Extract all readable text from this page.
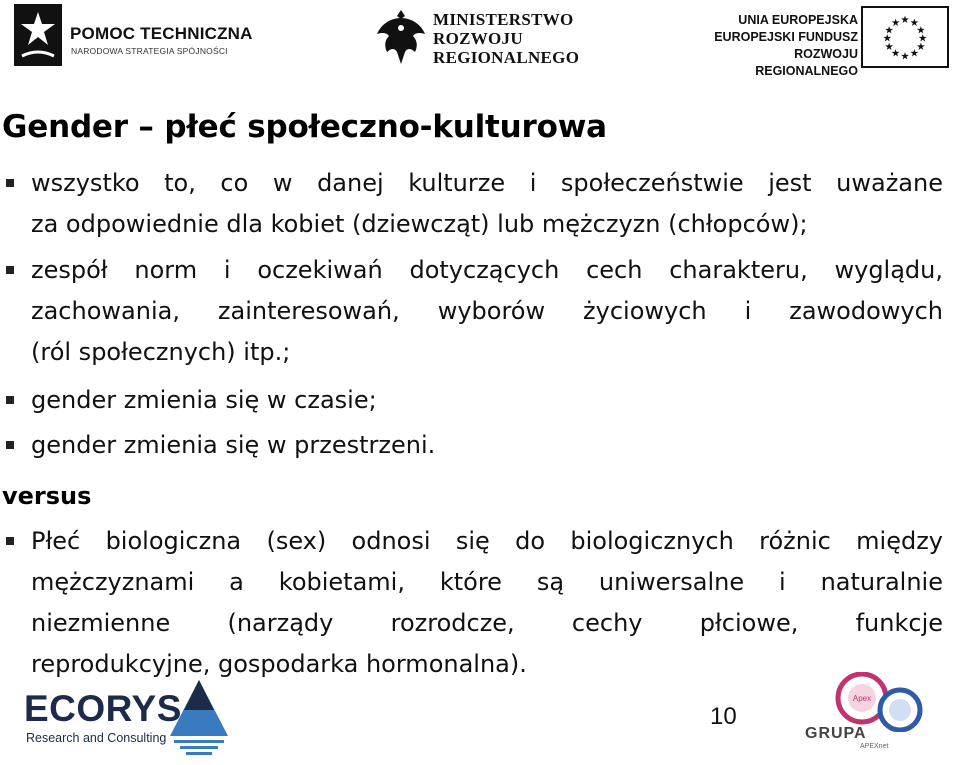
POMOC TECHNICZNA
NARODOWA STRATEGIA SPÓJNOŚCI
MINISTERSTWO
ROZWOJU
REGIONALNEGO
UNIA EUROPEJSKA
EUROPEJSKI FUNDUSZ
ROZWOJU REGIONALNEGO
★ ★
★
★
★
★
★
★
★
★
★
★
Gender – płeć społeczno-kulturowa
wszystko to, co w danej kulturze i społeczeństwie jest uważane
za odpowiednie dla kobiet (dziewcząt) lub mężczyzn (chłopców);
zespół norm i oczekiwań dotyczących cech charakteru, wyglądu,
zachowania, zainteresowań, wyborów życiowych i zawodowych
(ról społecznych) itp.;
gender zmienia się w czasie;
gender zmienia się w przestrzeni.
versus
Płeć biologiczna (sex) odnosi się do biologicznych różnic między
mężczyznami a kobietami, które są uniwersalne i naturalnie
niezmienne (narządy rozrodcze, cechy płciowe, funkcje
reprodukcyjne, gospodarka hormonalna).
ECORYS
Research and Consulting
10
Apex
GRUPA
APEXnet
